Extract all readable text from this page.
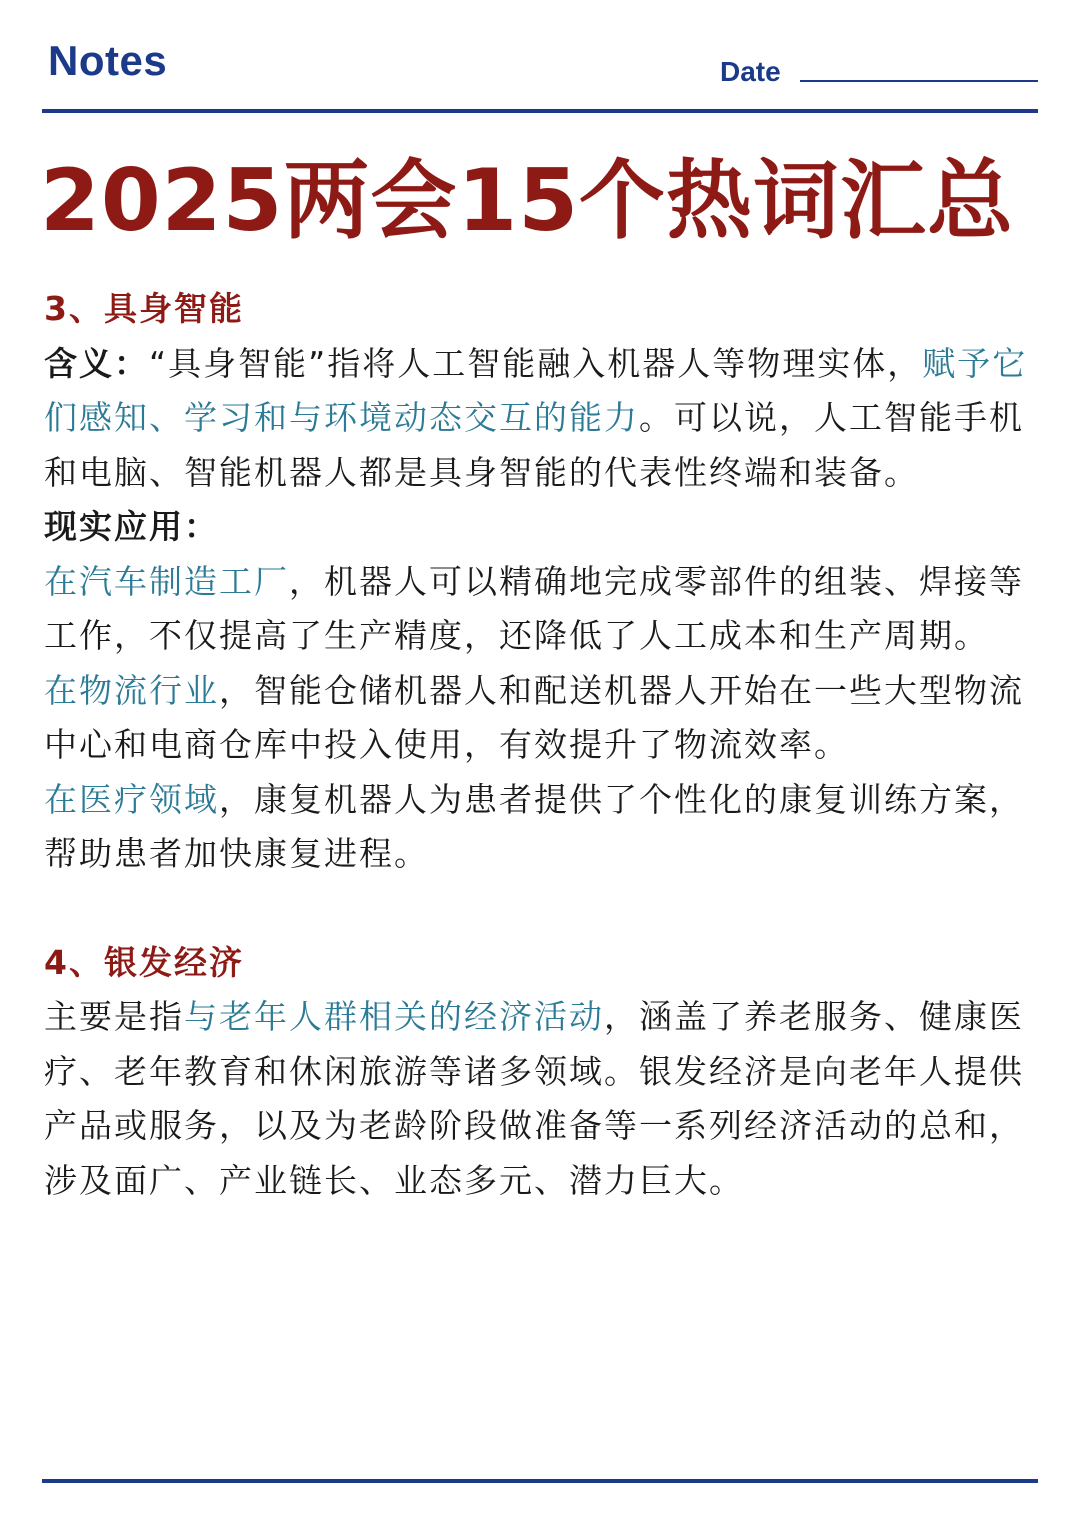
Notes	Date
2025两会15个热词汇总

3、具身智能

含义：“具身智能”指将人工智能融入机器人等物理实体，赋予它们感知、学习和与环境动态交互的能力。可以说，人工智能手机和电脑、智能机器人都是具身智能的代表性终端和装备。

现实应用：

在汽车制造工厂，机器人可以精确地完成零部件的组装、焊接等工作，不仅提高了生产精度，还降低了人工成本和生产周期。

在物流行业，智能仓储机器人和配送机器人开始在一些大型物流中心和电商仓库中投入使用，有效提升了物流效率。

在医疗领域，康复机器人为患者提供了个性化的康复训练方案，帮助患者加快康复进程。

4、银发经济

主要是指与老年人群相关的经济活动，涵盖了养老服务、健康医疗、老年教育和休闲旅游等诸多领域。银发经济是向老年人提供产品或服务，以及为老龄阶段做准备等一系列经济活动的总和，涉及面广、产业链长、业态多元、潜力巨大。
